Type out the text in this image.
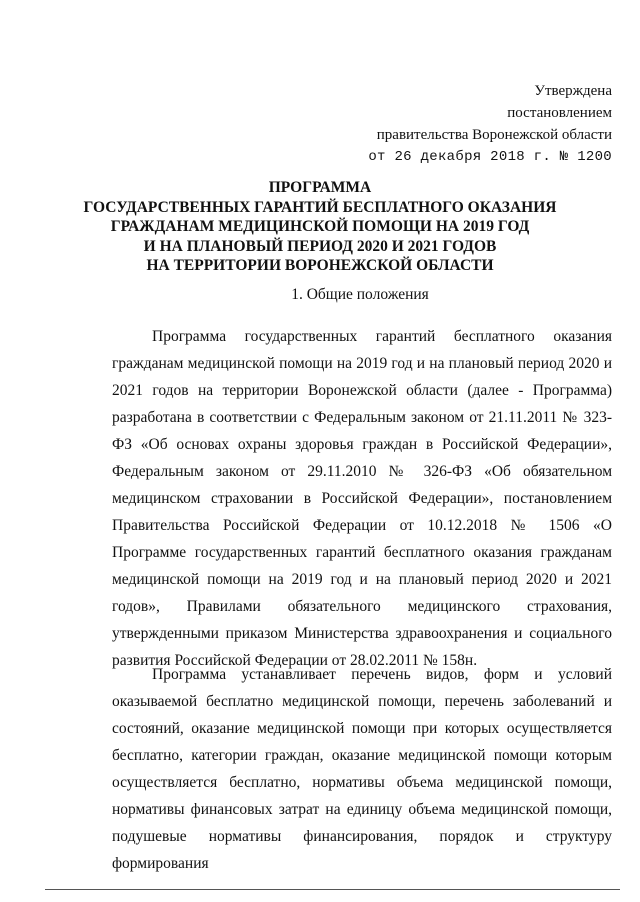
Утверждена
постановлением
правительства Воронежской области
от 26 декабря 2018 г. № 1200
ПРОГРАММА
ГОСУДАРСТВЕННЫХ ГАРАНТИЙ БЕСПЛАТНОГО ОКАЗАНИЯ
ГРАЖДАНАМ МЕДИЦИНСКОЙ ПОМОЩИ НА 2019 ГОД
И НА ПЛАНОВЫЙ ПЕРИОД 2020 И 2021 ГОДОВ
НА ТЕРРИТОРИИ ВОРОНЕЖСКОЙ ОБЛАСТИ
1. Общие положения
Программа государственных гарантий бесплатного оказания гражданам медицинской помощи на 2019 год и на плановый период 2020 и 2021 годов на территории Воронежской области (далее - Программа) разработана в соответствии с Федеральным законом от 21.11.2011 № 323-ФЗ «Об основах охраны здоровья граждан в Российской Федерации», Федеральным законом от 29.11.2010 № 326-ФЗ «Об обязательном медицинском страховании в Российской Федерации», постановлением Правительства Российской Федерации от 10.12.2018 № 1506 «О Программе государственных гарантий бесплатного оказания гражданам медицинской помощи на 2019 год и на плановый период 2020 и 2021 годов», Правилами обязательного медицинского страхования, утвержденными приказом Министерства здравоохранения и социального развития Российской Федерации от 28.02.2011 № 158н.
Программа устанавливает перечень видов, форм и условий оказываемой бесплатно медицинской помощи, перечень заболеваний и состояний, оказание медицинской помощи при которых осуществляется бесплатно, категории граждан, оказание медицинской помощи которым осуществляется бесплатно, нормативы объема медицинской помощи, нормативы финансовых затрат на единицу объема медицинской помощи, подушевые нормативы финансирования, порядок и структуру формирования
